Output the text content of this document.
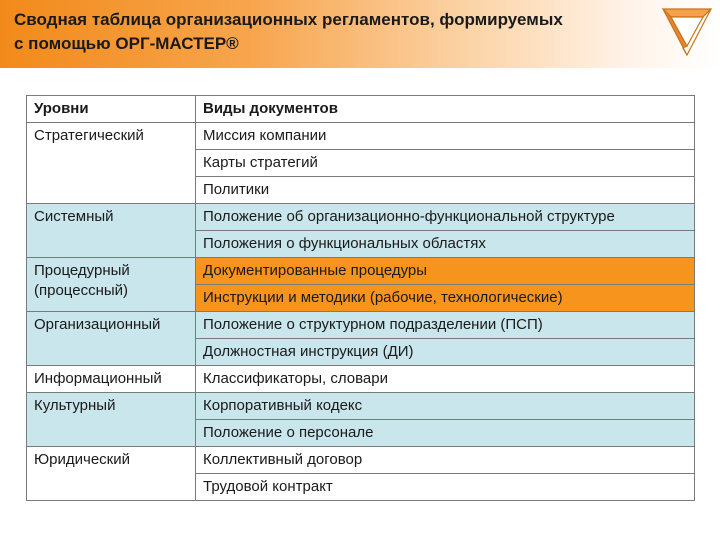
Сводная таблица организационных регламентов, формируемых
с помощью ОРГ-МАСТЕР®
Уровни	Виды документов
Стратегический	Миссия компании
	Карты стратегий
	Политики
Системный	Положение об организационно-функциональной структуре
	Положения о функциональных областях
Процедурный (процессный)	Документированные процедуры
	Инструкции и методики (рабочие, технологические)
Организационный	Положение о структурном подразделении (ПСП)
	Должностная инструкция (ДИ)
Информационный	Классификаторы, словари
Культурный	Корпоративный кодекс
	Положение о персонале
Юридический	Коллективный договор
	Трудовой контракт
